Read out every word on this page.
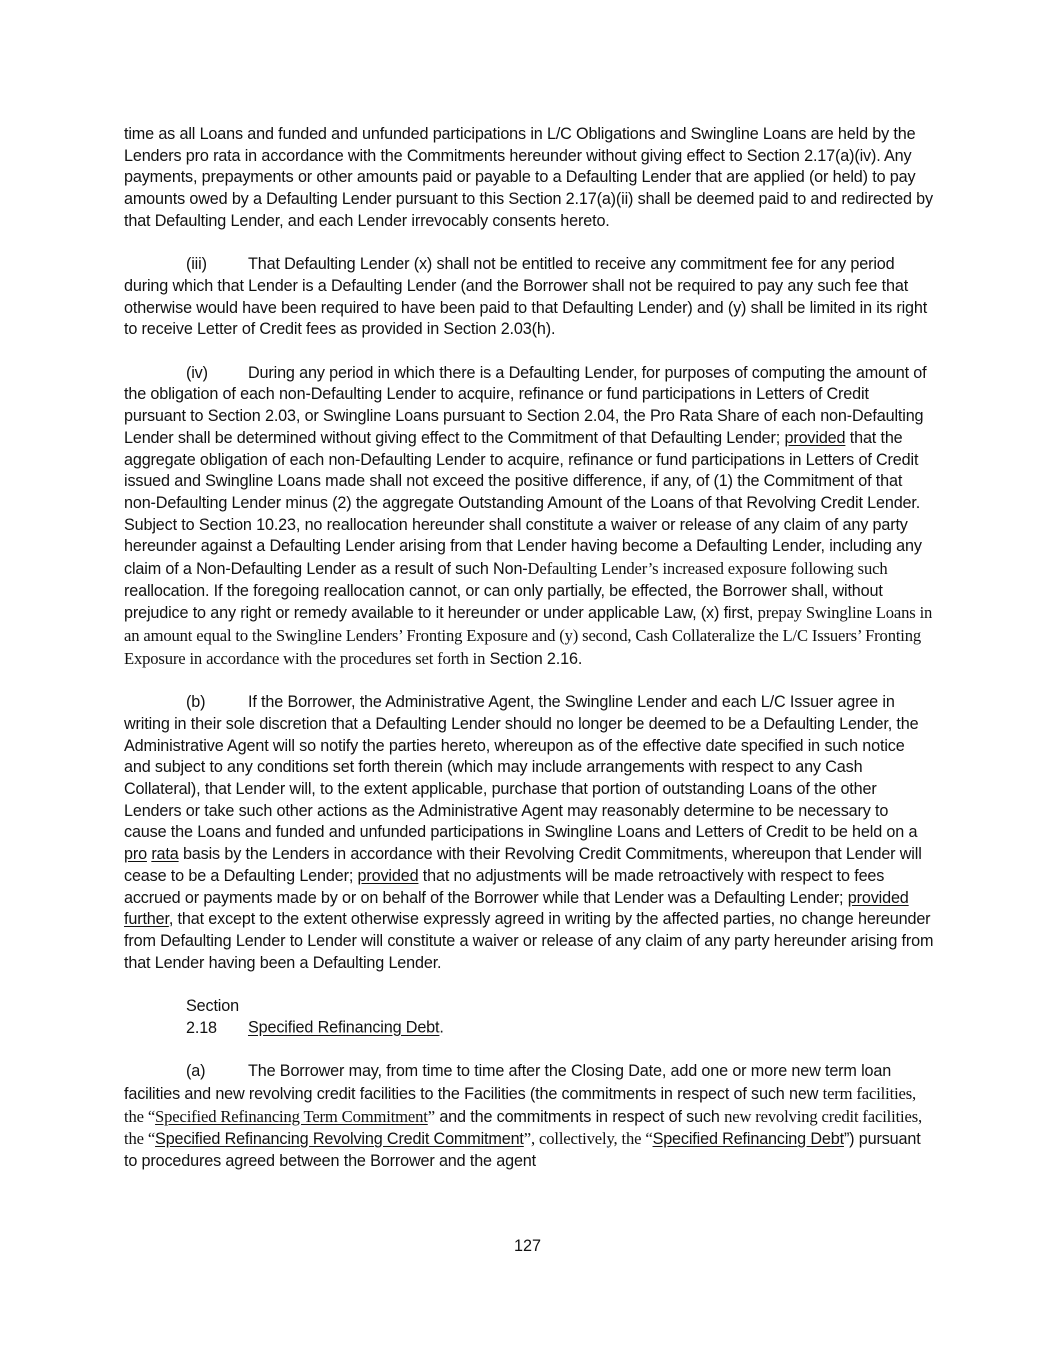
time as all Loans and funded and unfunded participations in L/C Obligations and Swingline Loans are held by the Lenders pro rata in accordance with the Commitments hereunder without giving effect to Section 2.17(a)(iv). Any payments, prepayments or other amounts paid or payable to a Defaulting Lender that are applied (or held) to pay amounts owed by a Defaulting Lender pursuant to this Section 2.17(a)(ii) shall be deemed paid to and redirected by that Defaulting Lender, and each Lender irrevocably consents hereto.

(iii)	That Defaulting Lender (x) shall not be entitled to receive any commitment fee for any period during which that Lender is a Defaulting Lender (and the Borrower shall not be required to pay any such fee that otherwise would have been required to have been paid to that Defaulting Lender) and (y) shall be limited in its right to receive Letter of Credit fees as provided in Section 2.03(h).

(iv) During any period in which there is a Defaulting Lender, for purposes of computing the amount of the obligation of each non-Defaulting Lender to acquire, refinance or fund participations in Letters of Credit pursuant to Section 2.03, or Swingline Loans pursuant to Section 2.04, the Pro Rata Share of each non-Defaulting Lender shall be determined without giving effect to the Commitment of that Defaulting Lender; provided that the aggregate obligation of each non-Defaulting Lender to acquire, refinance or fund participations in Letters of Credit issued and Swingline Loans made shall not exceed the positive difference, if any, of (1) the Commitment of that non-Defaulting Lender minus (2) the aggregate Outstanding Amount of the Loans of that Revolving Credit Lender. Subject to Section 10.23, no reallocation hereunder shall constitute a waiver or release of any claim of any party hereunder against a Defaulting Lender arising from that Lender having become a Defaulting Lender, including any claim of a Non-Defaulting Lender as a result of such Non-Defaulting Lender’s increased exposure following such reallocation. If the foregoing reallocation cannot, or can only partially, be effected, the Borrower shall, without prejudice to any right or remedy available to it hereunder or under applicable Law, (x) first, prepay Swingline Loans in an amount equal to the Swingline Lenders’ Fronting Exposure and (y) second, Cash Collateralize the L/C Issuers’ Fronting Exposure in accordance with the procedures set forth in Section 2.16.

(b)	If the Borrower, the Administrative Agent, the Swingline Lender and each L/C Issuer agree in writing in their sole discretion that a Defaulting Lender should no longer be deemed to be a Defaulting Lender, the Administrative Agent will so notify the parties hereto, whereupon as of the effective date specified in such notice and subject to any conditions set forth therein (which may include arrangements with respect to any Cash Collateral), that Lender will, to the extent applicable, purchase that portion of outstanding Loans of the other Lenders or take such other actions as the Administrative Agent may reasonably determine to be necessary to cause the Loans and funded and unfunded participations in Swingline Loans and Letters of Credit to be held on a pro rata basis by the Lenders in accordance with their Revolving Credit Commitments, whereupon that Lender will cease to be a Defaulting Lender; provided that no adjustments will be made retroactively with respect to fees accrued or payments made by or on behalf of the Borrower while that Lender was a Defaulting Lender; provided further, that except to the extent otherwise expressly agreed in writing by the affected parties, no change hereunder from Defaulting Lender to Lender will constitute a waiver or release of any claim of any party hereunder arising from that Lender having been a Defaulting Lender.

Section 2.18 Specified Refinancing Debt.

(a)	The Borrower may, from time to time after the Closing Date, add one or more new term loan facilities and new revolving credit facilities to the Facilities (the commitments in respect of such new term facilities, the “Specified Refinancing Term Commitment” and the commitments in respect of such new revolving credit facilities, the “Specified Refinancing Revolving Credit Commitment”, collectively, the “Specified Refinancing Debt”) pursuant to procedures agreed between the Borrower and the agent

127
